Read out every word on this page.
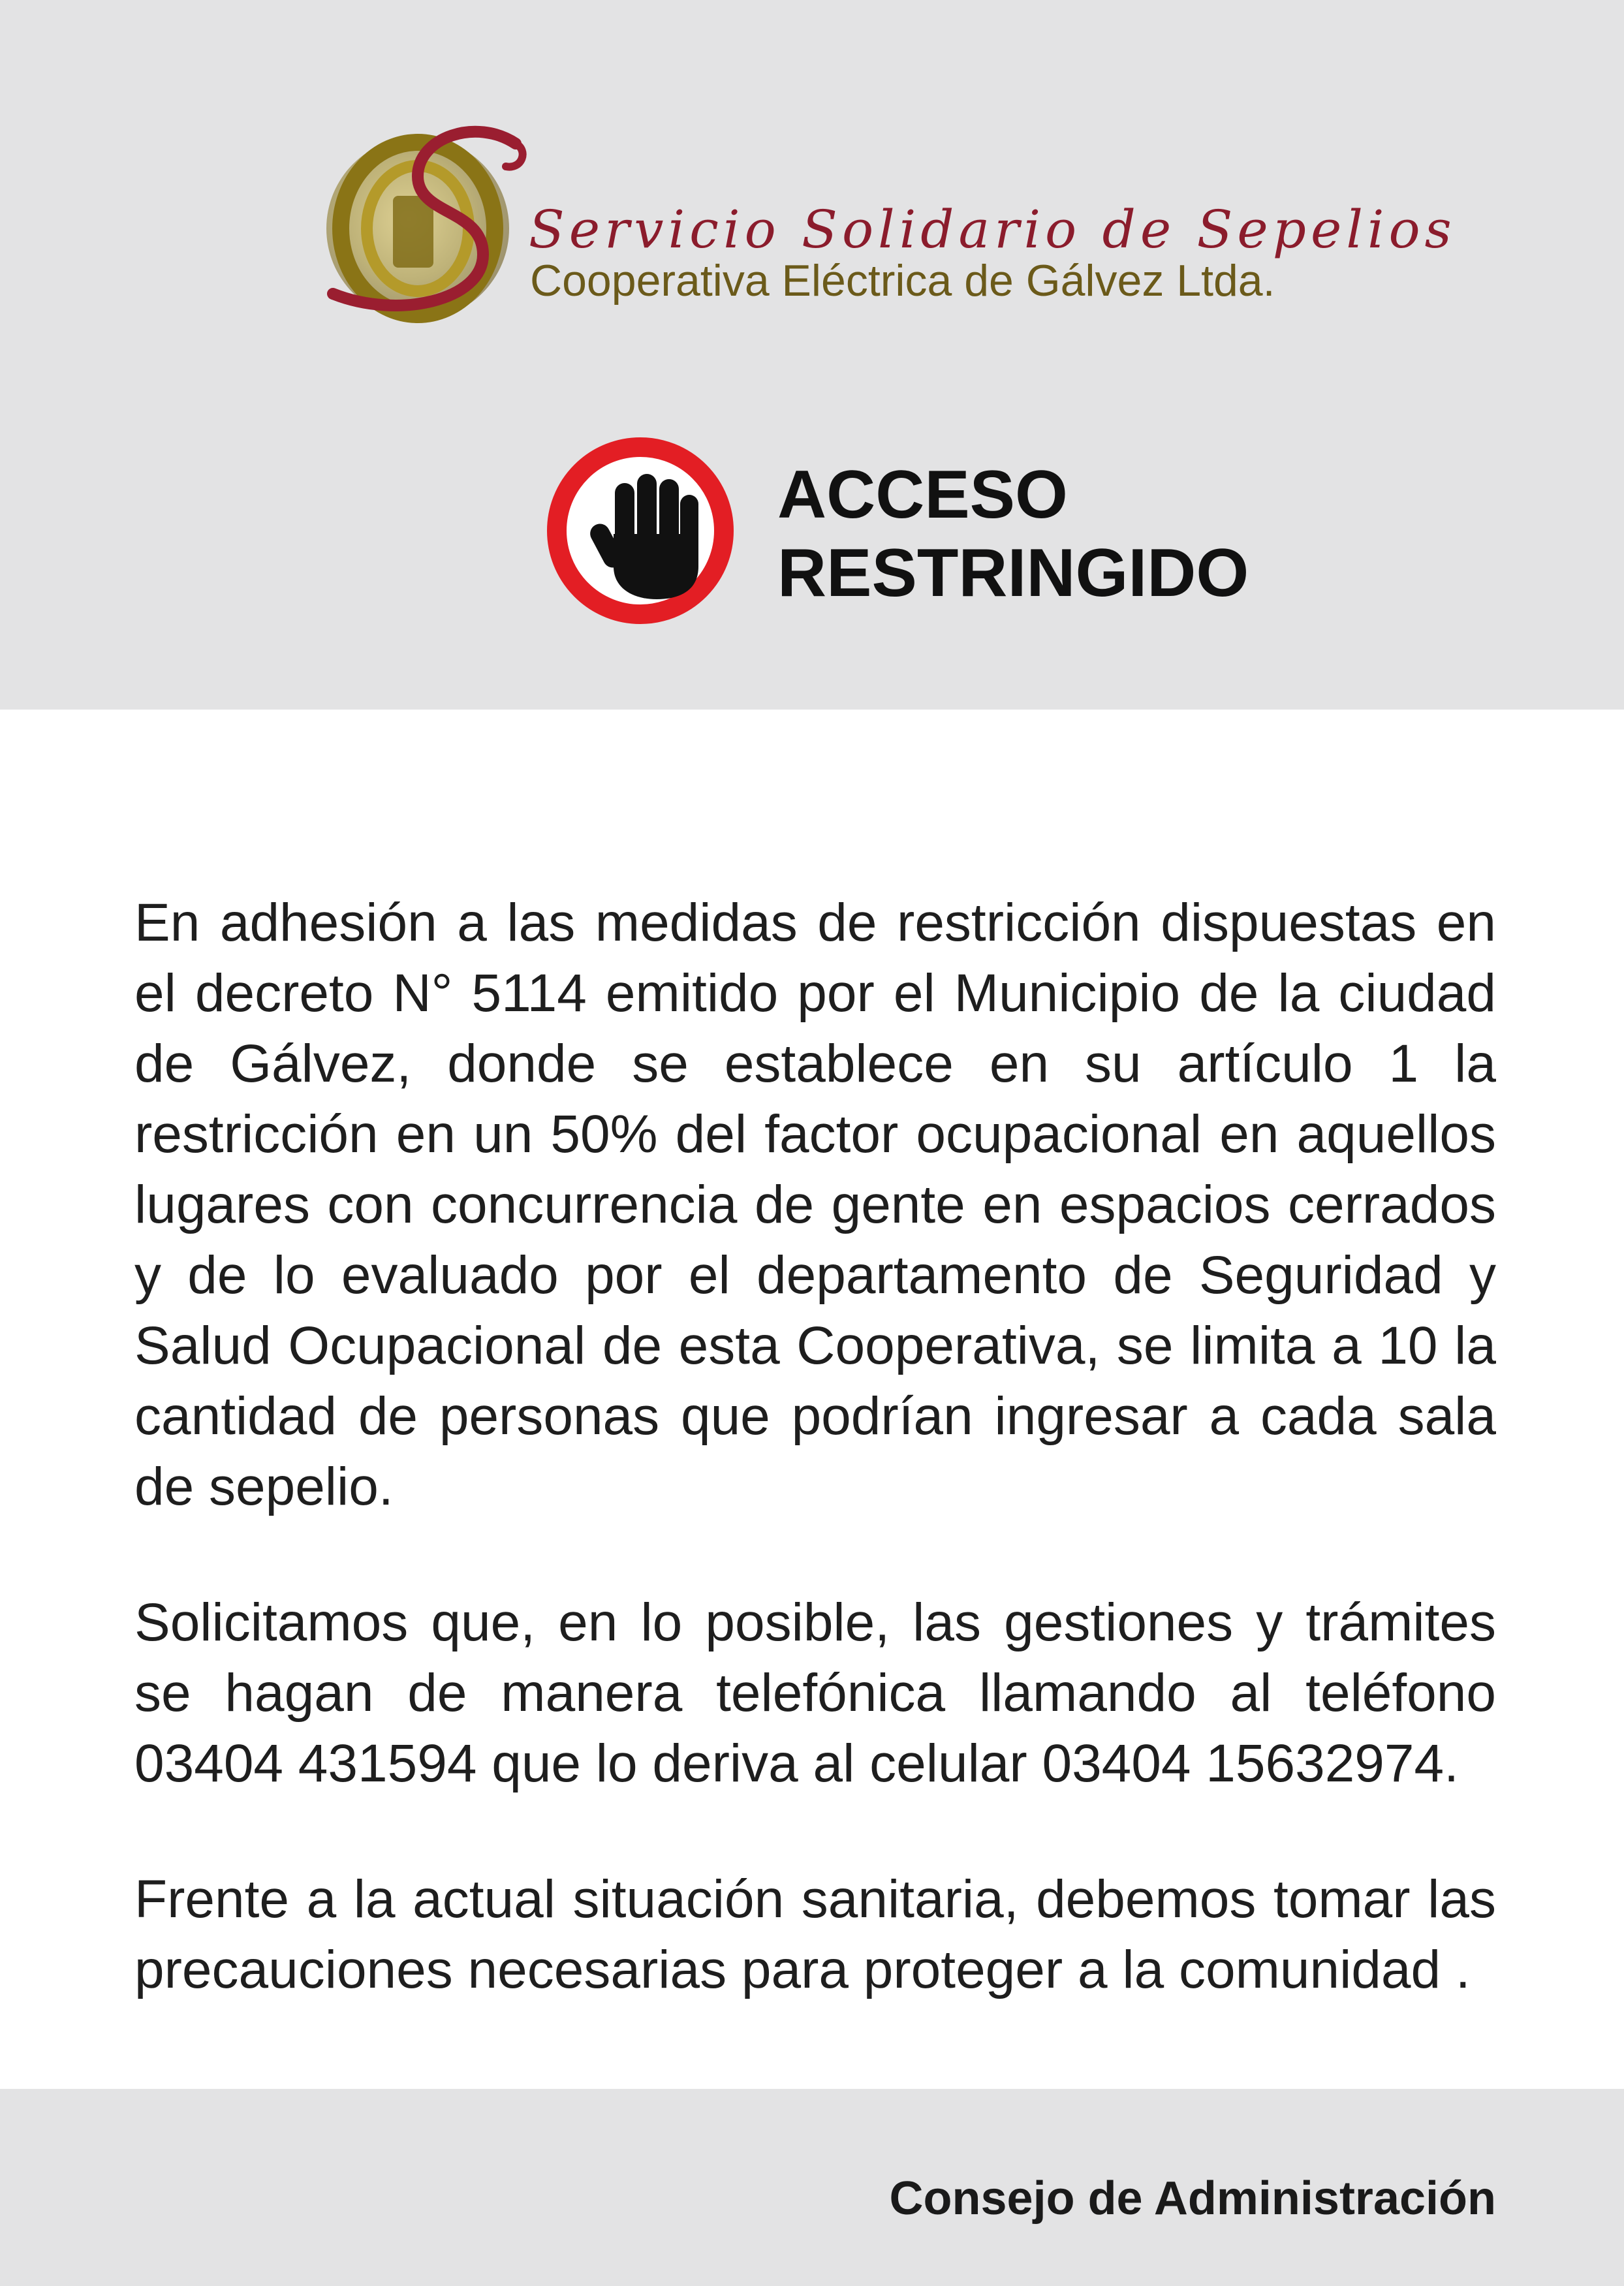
Servicio Solidario de Sepelios
Cooperativa Eléctrica de Gálvez Ltda.
ACCESO
RESTRINGIDO

En adhesión a las medidas de restricción dispuestas en el decreto N° 5114 emitido por el Municipio de la ciudad de Gálvez, donde se establece en su artículo 1 la restricción en un 50% del factor ocupacional en aquellos lugares con concurrencia de gente en espacios cerrados y de lo evaluado por el departamento de Seguridad y Salud Ocupacional de esta Cooperativa, se limita a 10 la cantidad de personas que podrían ingresar a cada sala de sepelio.

Solicitamos que, en lo posible, las gestiones y trámites se hagan de manera telefónica llamando al teléfono 03404 431594 que lo deriva al celular 03404 15632974.

Frente a la actual situación sanitaria, debemos tomar las precauciones necesarias para proteger a la comunidad .

Consejo de Administración
